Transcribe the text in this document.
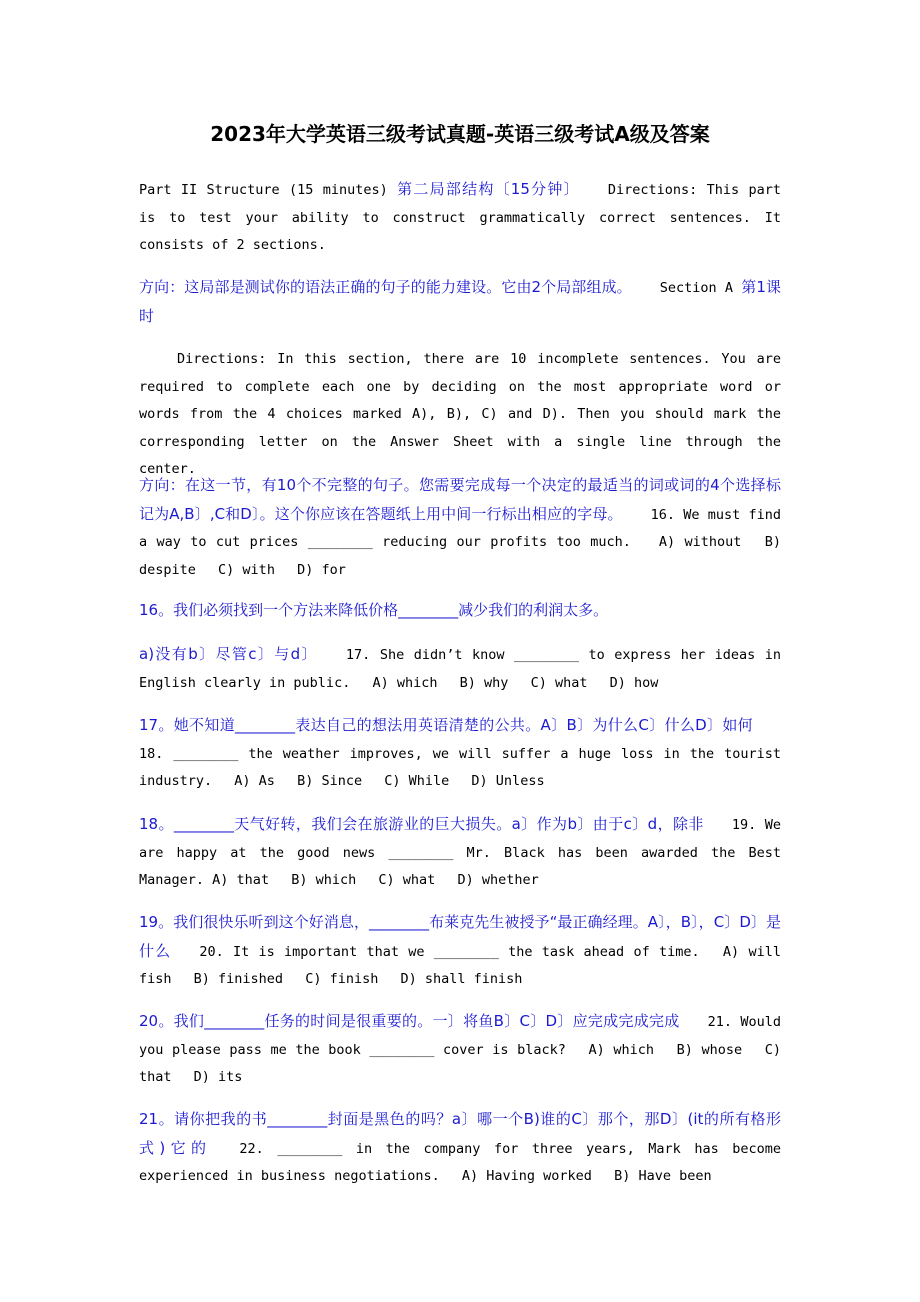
2023年大学英语三级考试真题-英语三级考试A级及答案

Part II Structure (15 minutes) 第二局部结构〔15分钟〕 Directions: This part is to test your ability to construct grammatically correct sentences. It consists of 2 sections.

方向：这局部是测试你的语法正确的句子的能力建设。它由2个局部组成。 Section A 第1课时

Directions: In this section, there are 10 incomplete sentences. You are required to complete each one by deciding on the most appropriate word or words from the 4 choices marked A), B), C) and D). Then you should mark the corresponding letter on the Answer Sheet with a single line through the center.

方向：在这一节，有10个不完整的句子。您需要完成每一个决定的最适当的词或词的4个选择标记为A,B〕,C和D〕。这个你应该在答题纸上用中间一行标出相应的字母。 16. We must find a way to cut prices ________ reducing our profits too much. A) without B) despite C) with D) for

16。我们必须找到一个方法来降低价格________减少我们的利润太多。

a)没有b〕尽管c〕与d〕 17. She didn’t know ________ to express her ideas in English clearly in public. A) which B) why C) what D) how

17。她不知道________表达自己的想法用英语清楚的公共。A〕B〕为什么C〕什么D〕如何18. ________ the weather improves, we will suffer a huge loss in the tourist industry. A) As B) Since C) While D) Unless

18。________天气好转，我们会在旅游业的巨大损失。a〕作为b〕由于c〕d，除非 19. We are happy at the good news ________ Mr. Black has been awarded the Best Manager. A) that B) which C) what D) whether

19。我们很快乐听到这个好消息，________布莱克先生被授予“最正确经理。A〕，B〕，C〕D〕是什么 20. It is important that we ________ the task ahead of time. A) will fish B) finished C) finish D) shall finish

20。我们________任务的时间是很重要的。一〕将鱼B〕C〕D〕应完成完成完成 21. Would you please pass me the book ________ cover is black? A) which B) whose C) that D) its

21。请你把我的书________封面是黑色的吗？a〕哪一个B)谁的C〕那个，那D〕(it的所有格形式)它的 22. ________ in the company for three years, Mark has become experienced in business negotiations. A) Having worked B) Have been
